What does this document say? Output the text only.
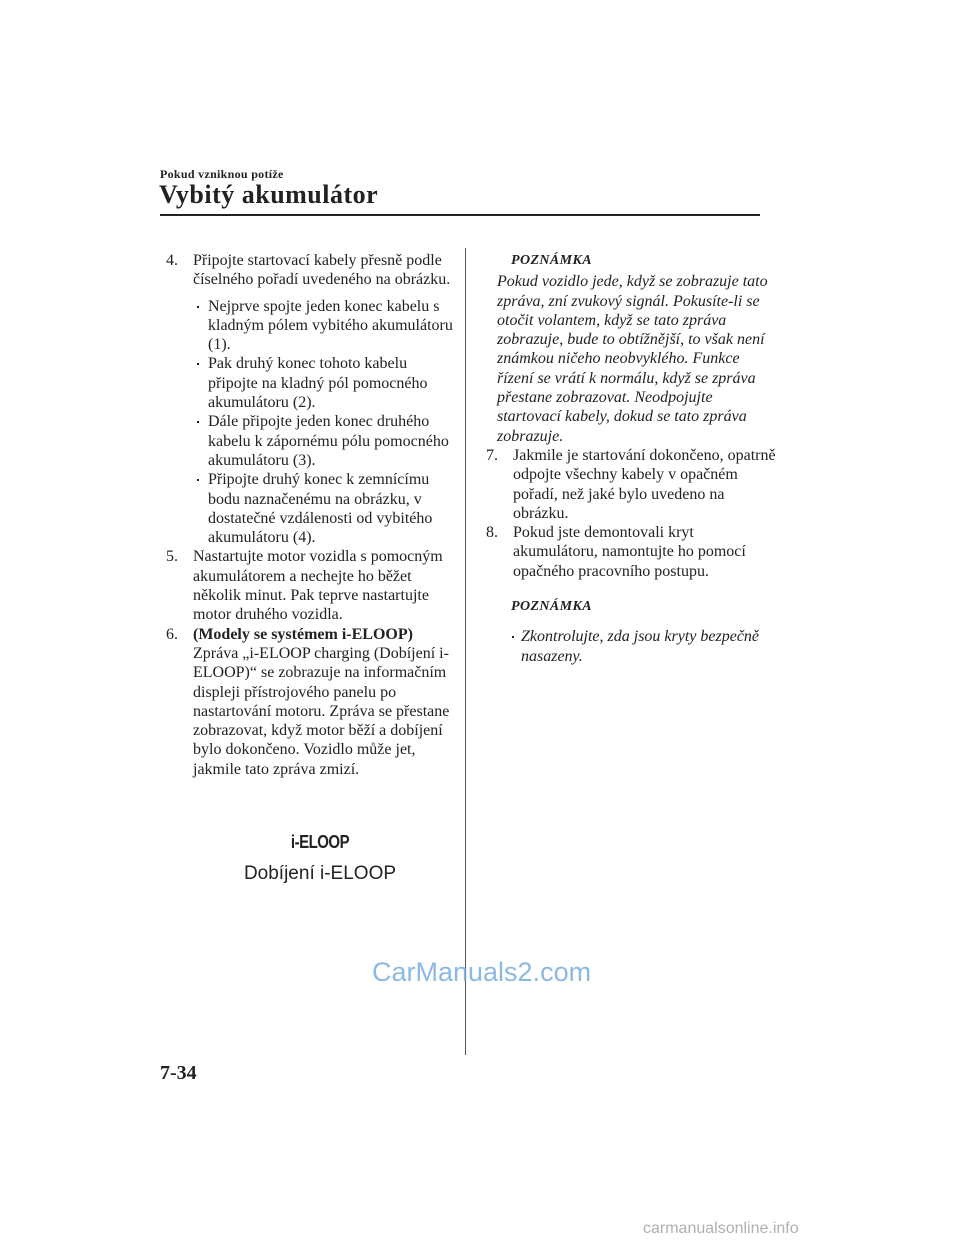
Pokud vzniknou potíže
Vybitý akumulátor
4. Připojte startovací kabely přesně podle číselného pořadí uvedeného na obrázku.

Nejprve spojte jeden konec kabelu s kladným pólem vybitého akumulátoru (1).
Pak druhý konec tohoto kabelu připojte na kladný pól pomocného akumulátoru (2).
Dále připojte jeden konec druhého kabelu k zápornému pólu pomocného akumulátoru (3).
Připojte druhý konec k zemnícímu bodu naznačenému na obrázku, v dostatečné vzdálenosti od vybitého akumulátoru (4).
5. Nastartujte motor vozidla s pomocným akumulátorem a nechejte ho běžet několik minut. Pak teprve nastartujte motor druhého vozidla.

6. (Modely se systémem i-ELOOP)

Zpráva „i-ELOOP charging (Dobíjení i-ELOOP)“ se zobrazuje na informačním displeji přístrojového panelu po nastartování motoru. Zpráva se přestane zobrazovat, když motor běží a dobíjení bylo dokončeno. Vozidlo může jet, jakmile tato zpráva zmizí.

i-ELOOP
Dobíjení i-ELOOP
POZNÁMKA

Pokud vozidlo jede, když se zobrazuje tato zpráva, zní zvukový signál. Pokusíte-li se otočit volantem, když se tato zpráva zobrazuje, bude to obtížnější, to však není známkou ničeho neobvyklého. Funkce řízení se vrátí k normálu, když se zpráva přestane zobrazovat. Neodpojujte startovací kabely, dokud se tato zpráva zobrazuje.

7. Jakmile je startování dokončeno, opatrně odpojte všechny kabely v opačném pořadí, než jaké bylo uvedeno na obrázku.

8. Pokud jste demontovali kryt akumulátoru, namontujte ho pomocí opačného pracovního postupu.

POZNÁMKA
Zkontrolujte, zda jsou kryty bezpečně nasazeny.
CarManuals2.com
7-34
carmanualsonline.info
